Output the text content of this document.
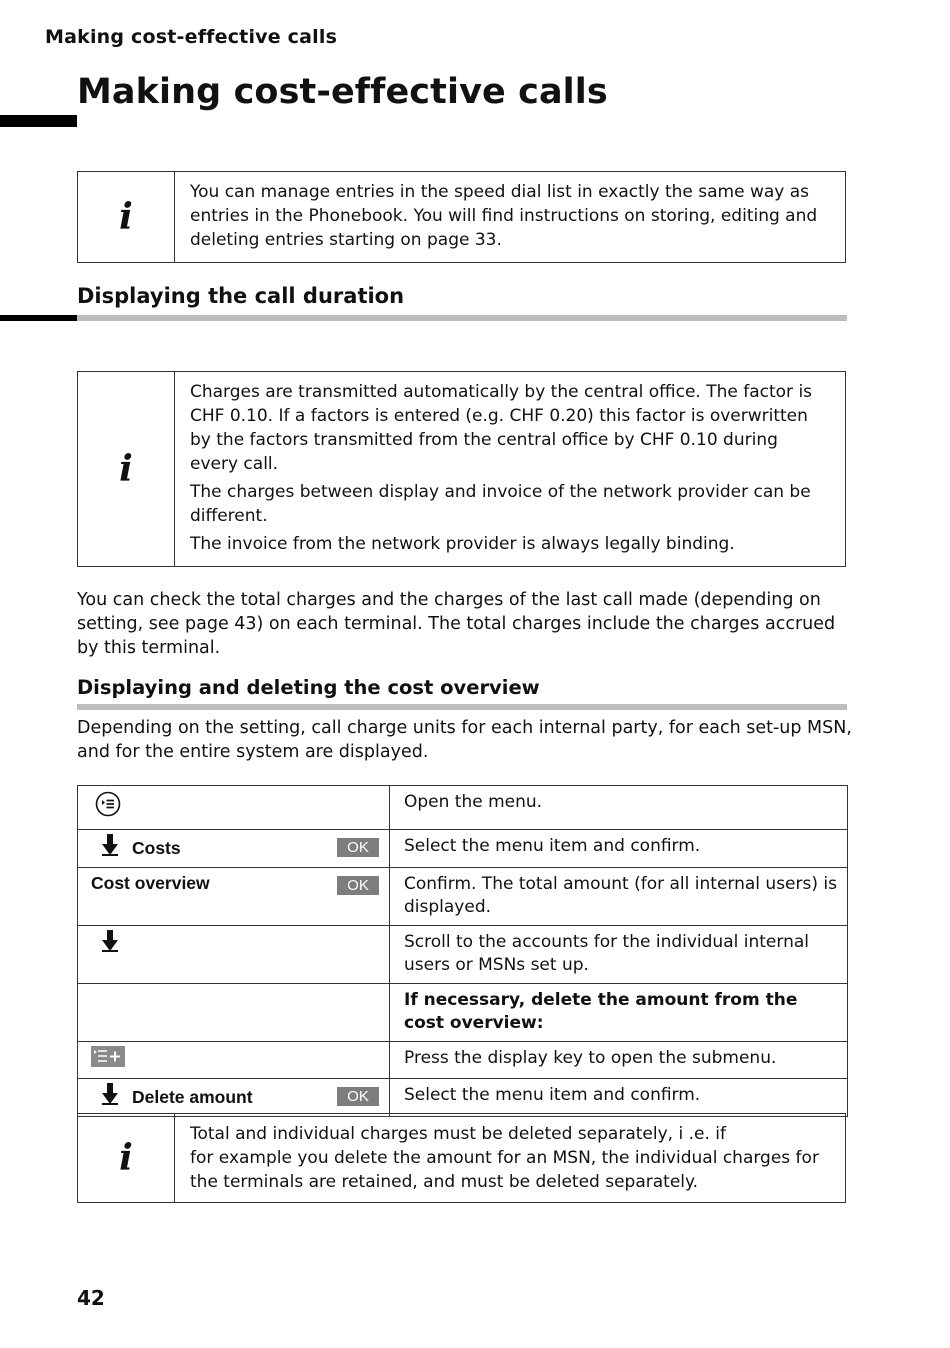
Making cost-effective calls
Making cost-effective calls
i

You can manage entries in the speed dial list in exactly the same way as entries in the Phonebook. You will find instructions on storing, editing and deleting entries starting on page 33.

Displaying the call duration
i

Charges are transmitted automatically by the central office. The factor is CHF 0.10. If a factors is entered (e.g. CHF 0.20) this factor is overwritten by the factors transmitted from the central office by CHF 0.10 during every call.

The charges between display and invoice of the network provider can be different.

The invoice from the network provider is always legally binding.

You can check the total charges and the charges of the last call made (depending on setting, see page 43) on each terminal. The total charges include the charges accrued by this terminal.

Displaying and deleting the cost overview

Depending on the setting, call charge units for each internal party, for each set-up MSN, and for the entire system are displayed.

	Open the menu.
Costs OK	Select the menu item and confirm.
Cost overview OK	Confirm. The total amount (for all internal users) is displayed.
	Scroll to the accounts for the individual internal users or MSNs set up.
	If necessary, delete the amount from the cost overview:
	Press the display key to open the submenu.
Delete amount OK	Select the menu item and confirm.
i
Total and individual charges must be deleted separately, i .e. if
for example you delete the amount for an MSN, the individual charges for the terminals are retained, and must be deleted separately.
42
